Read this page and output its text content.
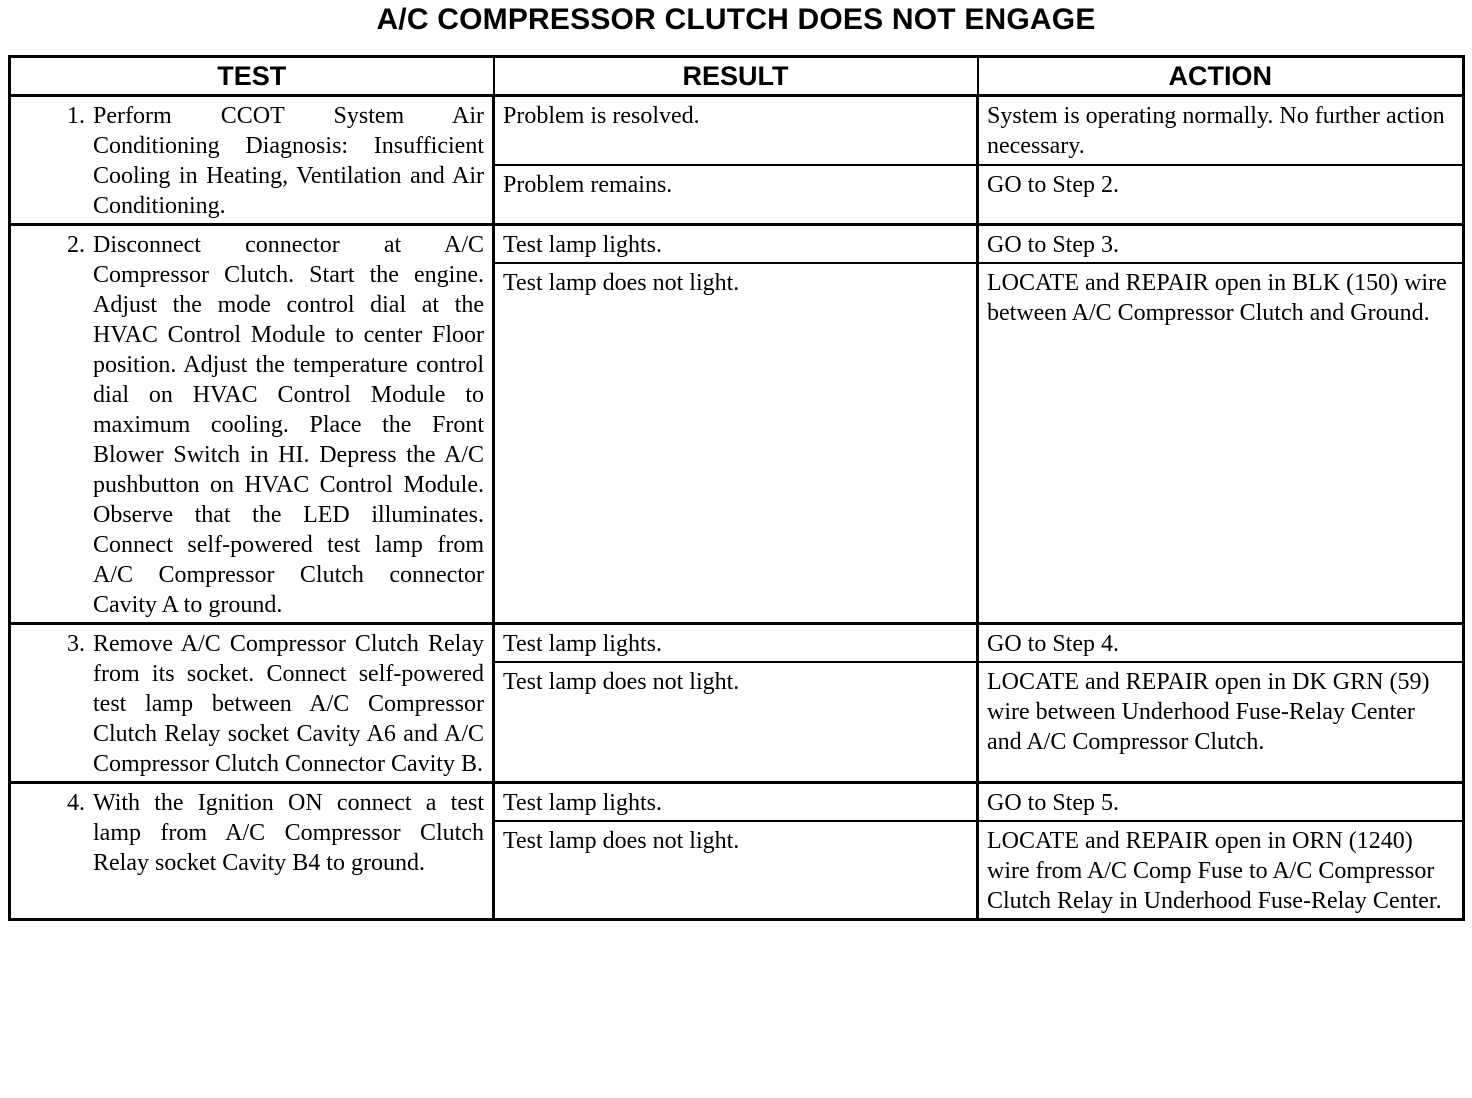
A/C COMPRESSOR CLUTCH DOES NOT ENGAGE
TEST	RESULT	ACTION

1. Perform CCOT System Air Conditioning Diagnosis: Insufficient Cooling in Heating, Ventilation and Air Conditioning.	Problem is resolved.	System is operating normally. No further action necessary.
	Problem remains.	GO to Step 2.

2. Disconnect connector at A/C Compressor Clutch. Start the engine. Adjust the mode control dial at the HVAC Control Module to center Floor position. Adjust the temperature control dial on HVAC Control Module to maximum cooling. Place the Front Blower Switch in HI. Depress the A/C pushbutton on HVAC Control Module. Observe that the LED illuminates. Connect self-powered test lamp from A/C Compressor Clutch connector Cavity A to ground.	Test lamp lights.	GO to Step 3.
	Test lamp does not light.	LOCATE and REPAIR open in BLK (150) wire between A/C Compressor Clutch and Ground.

3. Remove A/C Compressor Clutch Relay from its socket. Connect self-powered test lamp between A/C Compressor Clutch Relay socket Cavity A6 and A/C Compressor Clutch Connector Cavity B.	Test lamp lights.	GO to Step 4.
	Test lamp does not light.	LOCATE and REPAIR open in DK GRN (59) wire between Underhood Fuse-Relay Center and A/C Compressor Clutch.

4. With the Ignition ON connect a test lamp from A/C Compressor Clutch Relay socket Cavity B4 to ground.	Test lamp lights.	GO to Step 5.
	Test lamp does not light.	LOCATE and REPAIR open in ORN (1240) wire from A/C Comp Fuse to A/C Compressor Clutch Relay in Underhood Fuse-Relay Center.
